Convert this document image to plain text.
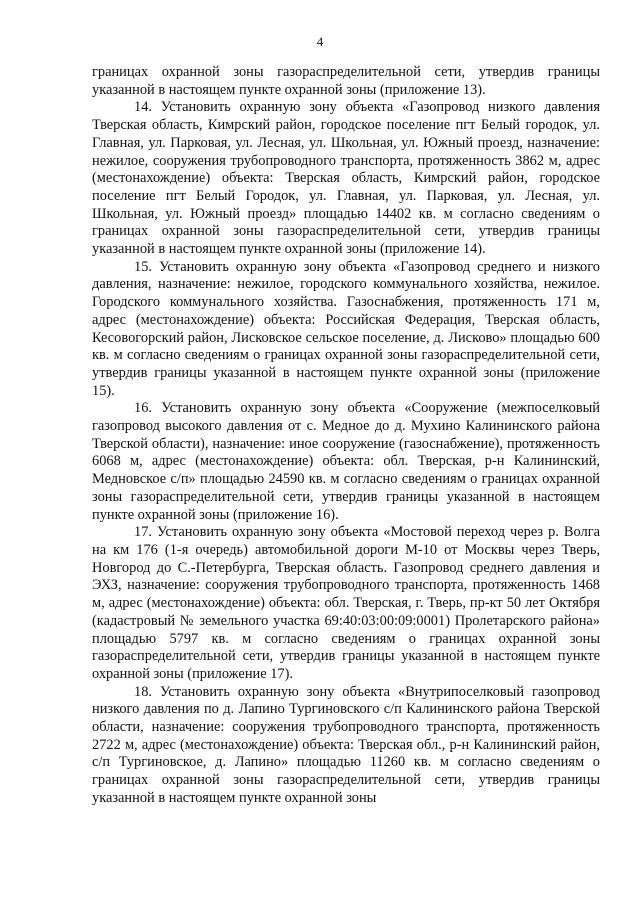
4

границах охранной зоны газораспределительной сети, утвердив границы указанной в настоящем пункте охранной зоны (приложение 13).

14. Установить охранную зону объекта «Газопровод низкого давления Тверская область, Кимрский район, городское поселение пгт Белый городок, ул. Главная, ул. Парковая, ул. Лесная, ул. Школьная, ул. Южный проезд, назначение: нежилое, сооружения трубопроводного транспорта, протяженность 3862 м, адрес (местонахождение) объекта: Тверская область, Кимрский район, городское поселение пгт Белый Городок, ул. Главная, ул. Парковая, ул. Лесная, ул. Школьная, ул. Южный проезд» площадью 14402 кв. м согласно сведениям о границах охранной зоны газораспределительной сети, утвердив границы указанной в настоящем пункте охранной зоны (приложение 14).

15. Установить охранную зону объекта «Газопровод среднего и низкого давления, назначение: нежилое, городского коммунального хозяйства, нежилое. Городского коммунального хозяйства. Газоснабжения, протяженность 171 м, адрес (местонахождение) объекта: Российская Федерация, Тверская область, Кесовогорский район, Лисковское сельское поселение, д. Лисково» площадью 600 кв. м согласно сведениям о границах охранной зоны газораспределительной сети, утвердив границы указанной в настоящем пункте охранной зоны (приложение 15).

16. Установить охранную зону объекта «Сооружение (межпоселковый газопровод высокого давления от с. Медное до д. Мухино Калининского района Тверской области), назначение: иное сооружение (газоснабжение), протяженность 6068 м, адрес (местонахождение) объекта: обл. Тверская, р-н Калининский, Медновское с/п» площадью 24590 кв. м согласно сведениям о границах охранной зоны газораспределительной сети, утвердив границы указанной в настоящем пункте охранной зоны (приложение 16).

17. Установить охранную зону объекта «Мостовой переход через р. Волга на км 176 (1-я очередь) автомобильной дороги М-10 от Москвы через Тверь, Новгород до С.-Петербурга, Тверская область. Газопровод среднего давления и ЭХЗ, назначение: сооружения трубопроводного транспорта, протяженность 1468 м, адрес (местонахождение) объекта: обл. Тверская, г. Тверь, пр-кт 50 лет Октября (кадастровый № земельного участка 69:40:03:00:09:0001) Пролетарского района» площадью 5797 кв. м согласно сведениям о границах охранной зоны газораспределительной сети, утвердив границы указанной в настоящем пункте охранной зоны (приложение 17).

18. Установить охранную зону объекта «Внутрипоселковый газопровод низкого давления по д. Лапино Тургиновского с/п Калининского района Тверской области, назначение: сооружения трубопроводного транспорта, протяженность 2722 м, адрес (местонахождение) объекта: Тверская обл., р-н Калининский район, с/п Тургиновское, д. Лапино» площадью 11260 кв. м согласно сведениям о границах охранной зоны газораспределительной сети, утвердив границы указанной в настоящем пункте охранной зоны
